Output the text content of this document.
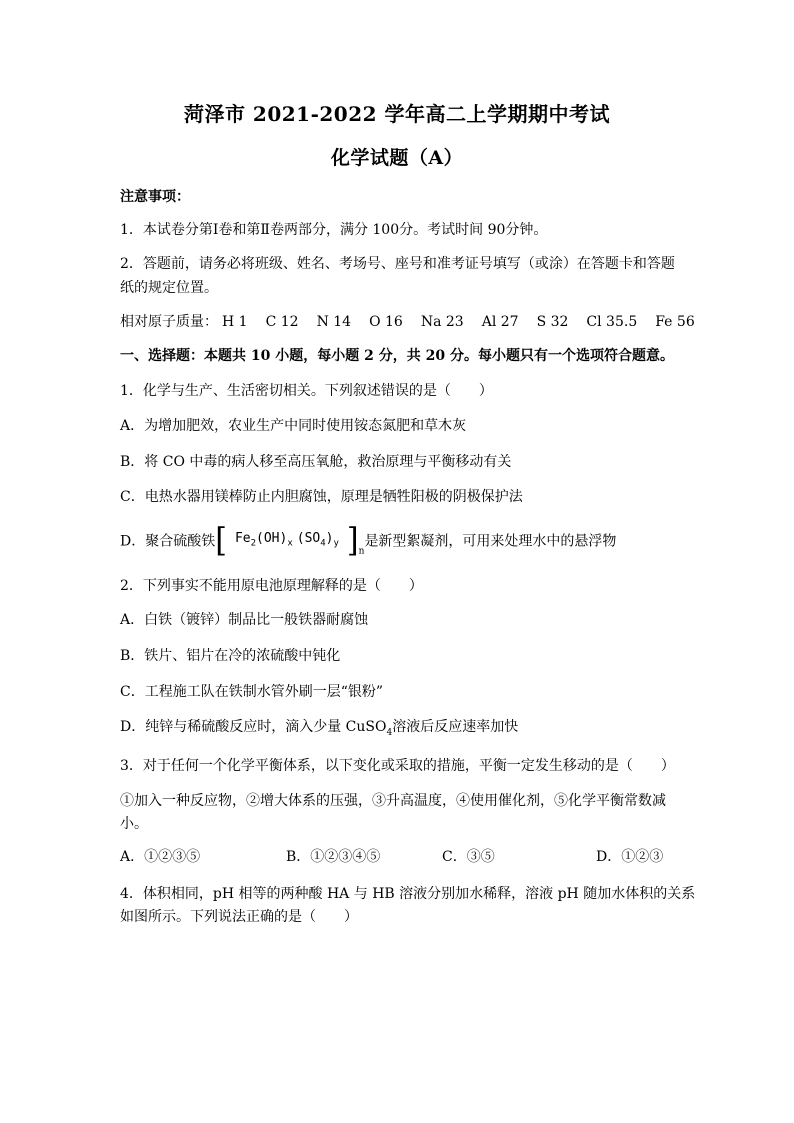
菏泽市 2021-2022 学年高二上学期期中考试
化学试题（A）
注意事项：
1．本试卷分第Ⅰ卷和第Ⅱ卷两部分，满分 100分。考试时间 90分钟。
2．答题前，请务必将班级、姓名、考场号、座号和准考证号填写（或涂）在答题卡和答题
纸的规定位置。
相对原子质量： H 1 C 12 N 14 O 16 Na 23 Al 27 S 32 Cl 35.5 Fe 56
一、选择题：本题共 10 小题，每小题 2 分，共 20 分。每小题只有一个选项符合题意。
1．化学与生产、生活密切相关。下列叙述错误的是（　　）
A．为增加肥效，农业生产中同时使用铵态氮肥和草木灰
B．将 CO 中毒的病人移至高压氧舱，救治原理与平衡移动有关
C．电热水器用镁棒防止内胆腐蚀，原理是牺牲阳极的阴极保护法
D．聚合硫酸铁[ $Fe_2(OH)_x$ $(SO_4)_y$ ]$_n$是新型絮凝剂，可用来处理水中的悬浮物
2．下列事实不能用原电池原理解释的是（　　）
A．白铁（镀锌）制品比一般铁器耐腐蚀
B．铁片、铝片在冷的浓硫酸中钝化
C．工程施工队在铁制水管外刷一层“银粉”
D．纯锌与稀硫酸反应时，滴入少量 CuSO$_4$溶液后反应速率加快
3．对于任何一个化学平衡体系，以下变化或采取的措施，平衡一定发生移动的是（　　）
①加入一种反应物，②增大体系的压强，③升高温度，④使用催化剂，⑤化学平衡常数减
小。
A．①②③⑤	B．①②③④⑤	C．③⑤	D．①②③
4．体积相同，pH 相等的两种酸 HA 与 HB 溶液分别加水稀释，溶液 pH 随加水体积的关系
如图所示。下列说法正确的是（　　）
